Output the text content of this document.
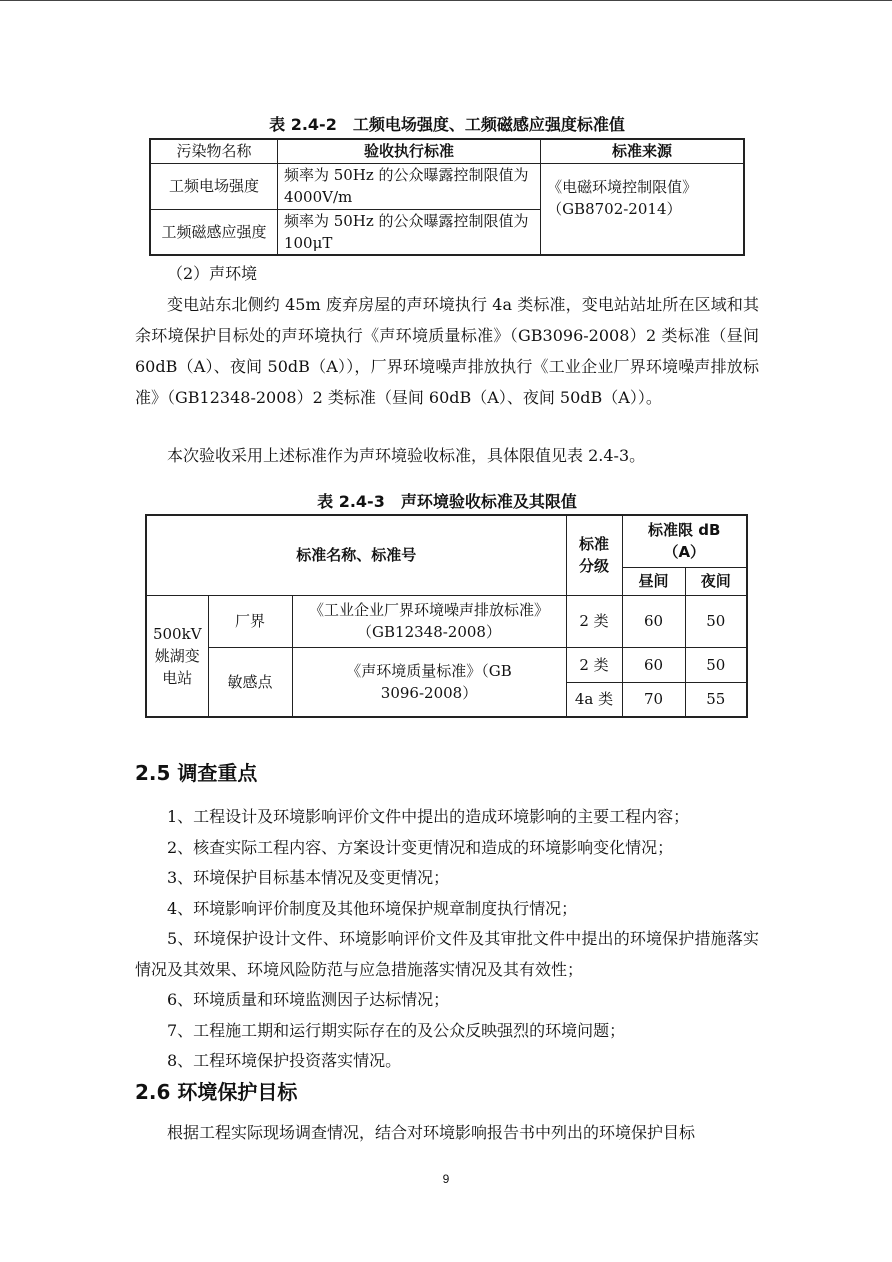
表 2.4-2　工频电场强度、工频磁感应强度标准值
污染物名称	验收执行标准	标准来源
工频电场强度	频率为 50Hz 的公众曝露控制限值为 4000V/m	《电磁环境控制限值》（GB8702-2014）
工频磁感应强度	频率为 50Hz 的公众曝露控制限值为 100μT	

（2）声环境

变电站东北侧约 45m 废弃房屋的声环境执行 4a 类标准，变电站站址所在区域和其余环境保护目标处的声环境执行《声环境质量标准》（GB3096-2008）2 类标准（昼间 60dB（A）、夜间 50dB（A）），厂界环境噪声排放执行《工业企业厂界环境噪声排放标准》（GB12348-2008）2 类标准（昼间 60dB（A）、夜间 50dB（A））。

本次验收采用上述标准作为声环境验收标准，具体限值见表 2.4-3。

表 2.4-3　声环境验收标准及其限值
标准名称、标准号			标准分级	标准限 dB（A）	
				昼间	夜间
500kV 姚湖变电站	厂界	《工业企业厂界环境噪声排放标准》（GB12348-2008）	2 类	60	50
	敏感点	《声环境质量标准》（GB 3096-2008）	2 类	60	50
			4a 类	70	55
2.5 调查重点
1、工程设计及环境影响评价文件中提出的造成环境影响的主要工程内容；
2、核查实际工程内容、方案设计变更情况和造成的环境影响变化情况；
3、环境保护目标基本情况及变更情况；
4、环境影响评价制度及其他环境保护规章制度执行情况；
5、环境保护设计文件、环境影响评价文件及其审批文件中提出的环境保护措施落实情况及其效果、环境风险防范与应急措施落实情况及其有效性；
6、环境质量和环境监测因子达标情况；
7、工程施工期和运行期实际存在的及公众反映强烈的环境问题；
8、工程环境保护投资落实情况。
2.6 环境保护目标

根据工程实际现场调查情况，结合对环境影响报告书中列出的环境保护目标

9
